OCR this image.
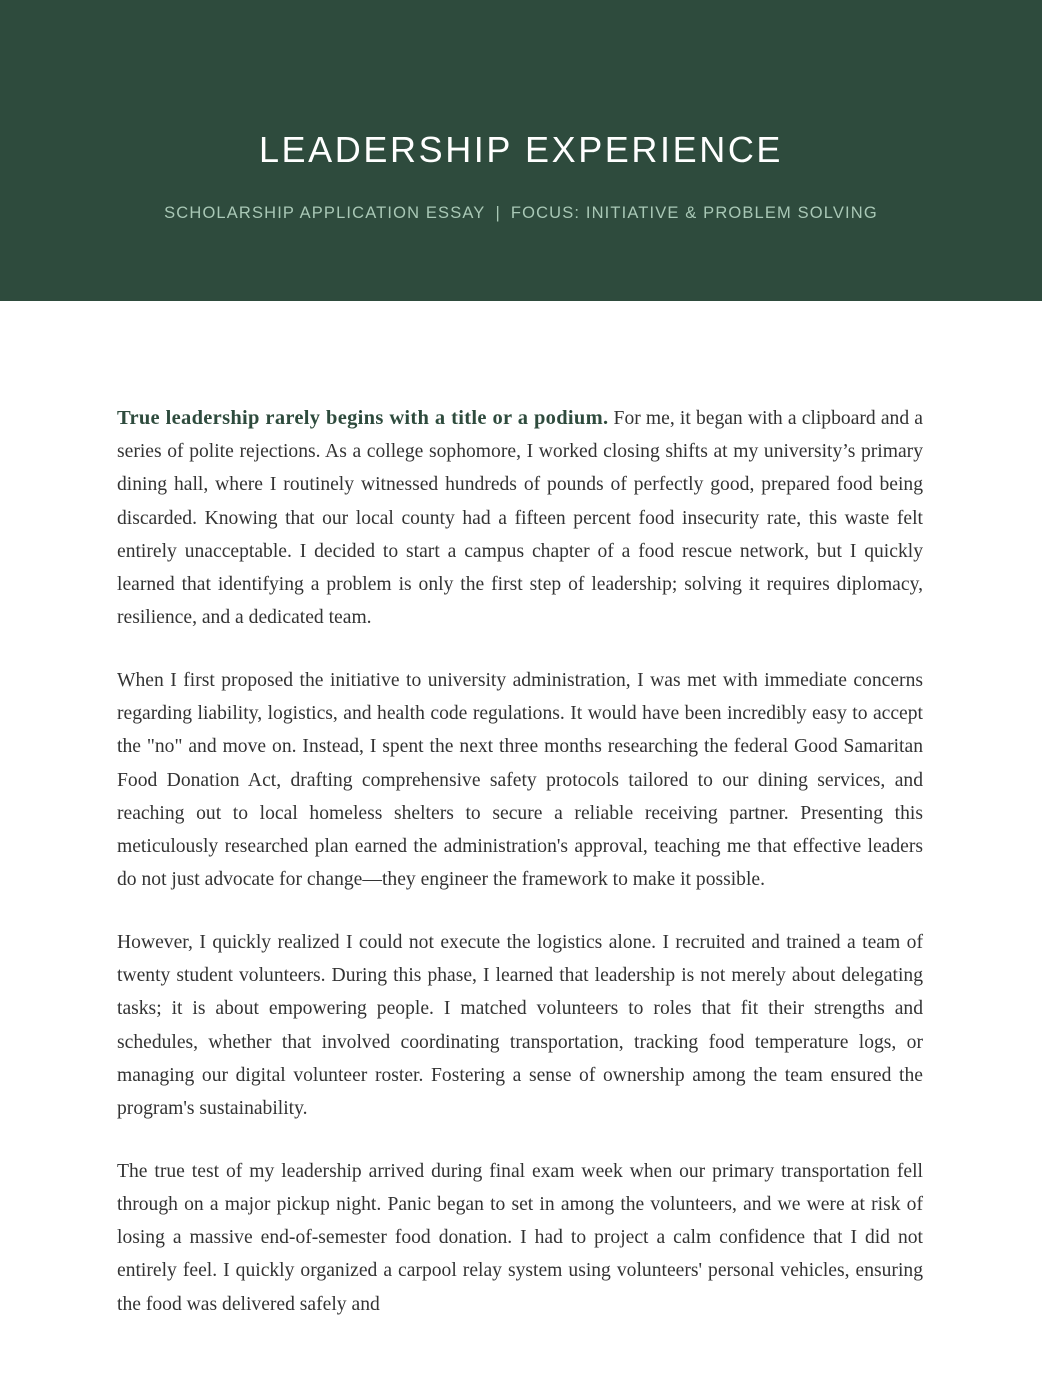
LEADERSHIP EXPERIENCE
SCHOLARSHIP APPLICATION ESSAY | FOCUS: INITIATIVE & PROBLEM SOLVING

True leadership rarely begins with a title or a podium. For me, it began with a clipboard and a series of polite rejections. As a college sophomore, I worked closing shifts at my university’s primary dining hall, where I routinely witnessed hundreds of pounds of perfectly good, prepared food being discarded. Knowing that our local county had a fifteen percent food insecurity rate, this waste felt entirely unacceptable. I decided to start a campus chapter of a food rescue network, but I quickly learned that identifying a problem is only the first step of leadership; solving it requires diplomacy, resilience, and a dedicated team.

When I first proposed the initiative to university administration, I was met with immediate concerns regarding liability, logistics, and health code regulations. It would have been incredibly easy to accept the "no" and move on. Instead, I spent the next three months researching the federal Good Samaritan Food Donation Act, drafting comprehensive safety protocols tailored to our dining services, and reaching out to local homeless shelters to secure a reliable receiving partner. Presenting this meticulously researched plan earned the administration's approval, teaching me that effective leaders do not just advocate for change—they engineer the framework to make it possible.

However, I quickly realized I could not execute the logistics alone. I recruited and trained a team of twenty student volunteers. During this phase, I learned that leadership is not merely about delegating tasks; it is about empowering people. I matched volunteers to roles that fit their strengths and schedules, whether that involved coordinating transportation, tracking food temperature logs, or managing our digital volunteer roster. Fostering a sense of ownership among the team ensured the program's sustainability.

The true test of my leadership arrived during final exam week when our primary transportation fell through on a major pickup night. Panic began to set in among the volunteers, and we were at risk of losing a massive end-of-semester food donation. I had to project a calm confidence that I did not entirely feel. I quickly organized a carpool relay system using volunteers' personal vehicles, ensuring the food was delivered safely and
